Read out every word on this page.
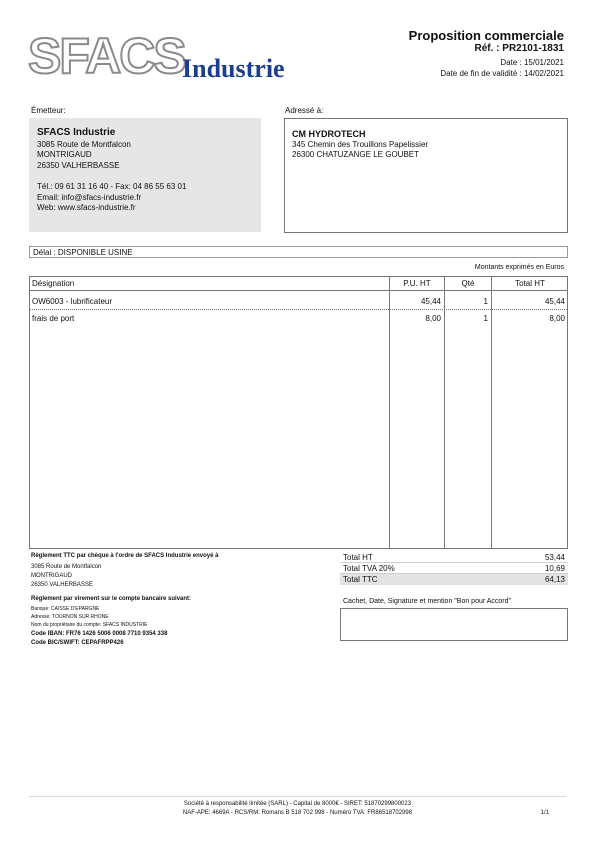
SFACS
Industrie
Proposition commerciale
Réf. : PR2101-1831
Date : 15/01/2021
Date de fin de validité : 14/02/2021
Émetteur:
SFACS Industrie
3085 Route de Montfalcon
MONTRIGAUD
26350 VALHERBASSE
Tél.: 09 61 31 16 40 - Fax: 04 86 55 63 01
Email: info@sfacs-industrie.fr
Web: www.sfacs-industrie.fr
Adressé à:
CM HYDROTECH
345 Chemin des Trouillons Papelissier
26300 CHATUZANGE LE GOUBET
Délai : DISPONIBLE USINE
Montants exprimés en Euros
Désignation	P.U. HT	Qté	Total HT
OW6003 - lubrificateur	45,44	1	45,44
frais de port	8,00	1	8,00
Règlement TTC par chèque à l'ordre de SFACS Industrie envoyé à
3085 Route de Montfalcon
MONTRIGAUD
26350 VALHERBASSE
Règlement par virement sur le compte bancaire suivant:
Banque: CAISSE D'EPARGNE
Adresse: TOURNON SUR RHONE
Nom du propriétaire du compte: SFACS INDUSTRIE
Code IBAN: FR76 1426 5006 0008 7710 9354 338
Code BIC/SWIFT: CEPAFRPP426
Total HT	53,44
Total TVA 20%	10,69
Total TTC	64,13
Cachet, Date, Signature et mention "Bon pour Accord"
Société à responsabilité limitée (SARL) - Capital de 8000€ - SIRET: 51870299800023
NAF-APE: 4669A - RCS/RM: Romans B 518 702 998 - Numéro TVA: FR86518702998	1/1
